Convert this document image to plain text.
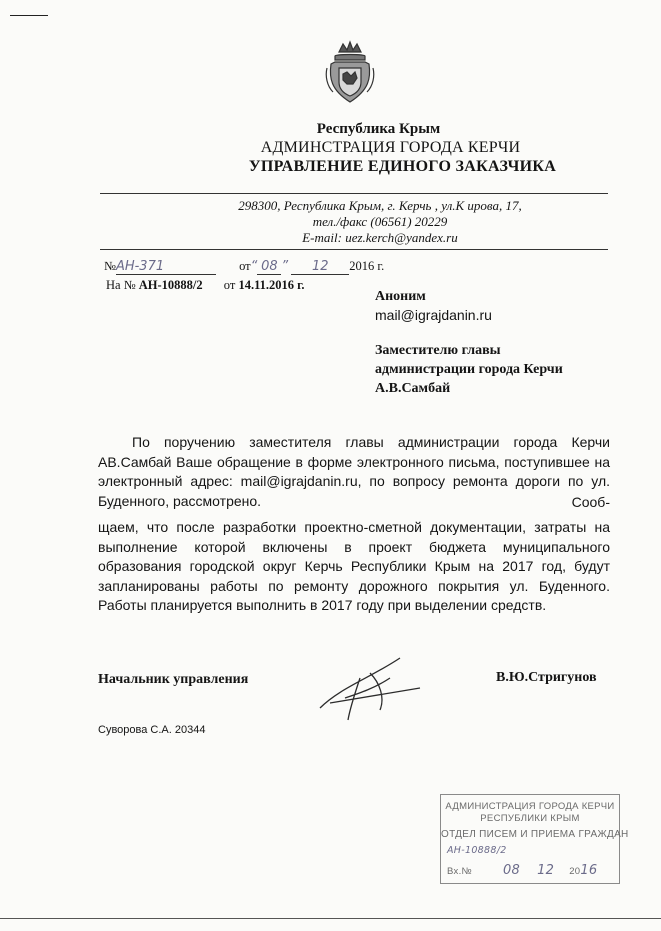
Республика Крым
АДМИНСТРАЦИЯ ГОРОДА КЕРЧИ
УПРАВЛЕНИЕ ЕДИНОГО ЗАКАЗЧИКА
298300, Республика Крым, г. Керчь , ул.К ирова, 17,
тел./факс (06561) 20229
E-mail: uez.kerch@yandex.ru
№АН-371	от“ 08 ” 12 2016 г.
На № АН-10888/2 от 14.11.2016 г.
Аноним
mail@igrajdanin.ru
Заместителю главы
администрации города Керчи
А.В.Самбай

По поручению заместителя главы администрации города Керчи АВ.Самбай Ваше обращение в форме электронного письма, поступившее на электронный адрес: mail@igrajdanin.ru, по вопросу ремонта дороги по ул. Буденного, рассмотрено.	Сооб-

щаем, что после разработки проектно-сметной документации, затраты на выполнение которой включены в проект бюджета муниципального образования городской округ Керчь Республики Крым на 2017 год, будут запланированы работы по ремонту дорожного покрытия ул. Буденного. Работы планируется выполнить в 2017 году при выделении средств.

Начальник управления	В.Ю.Стригунов
Суворова С.А. 20344
АДМИНИСТРАЦИЯ ГОРОДА КЕРЧИ
РЕСПУБЛИКИ КРЫМ
ОТДЕЛ ПИСЕМ И ПРИЕМА ГРАЖДАН
АН-10888/2
Вх.№ 08 12 2016
